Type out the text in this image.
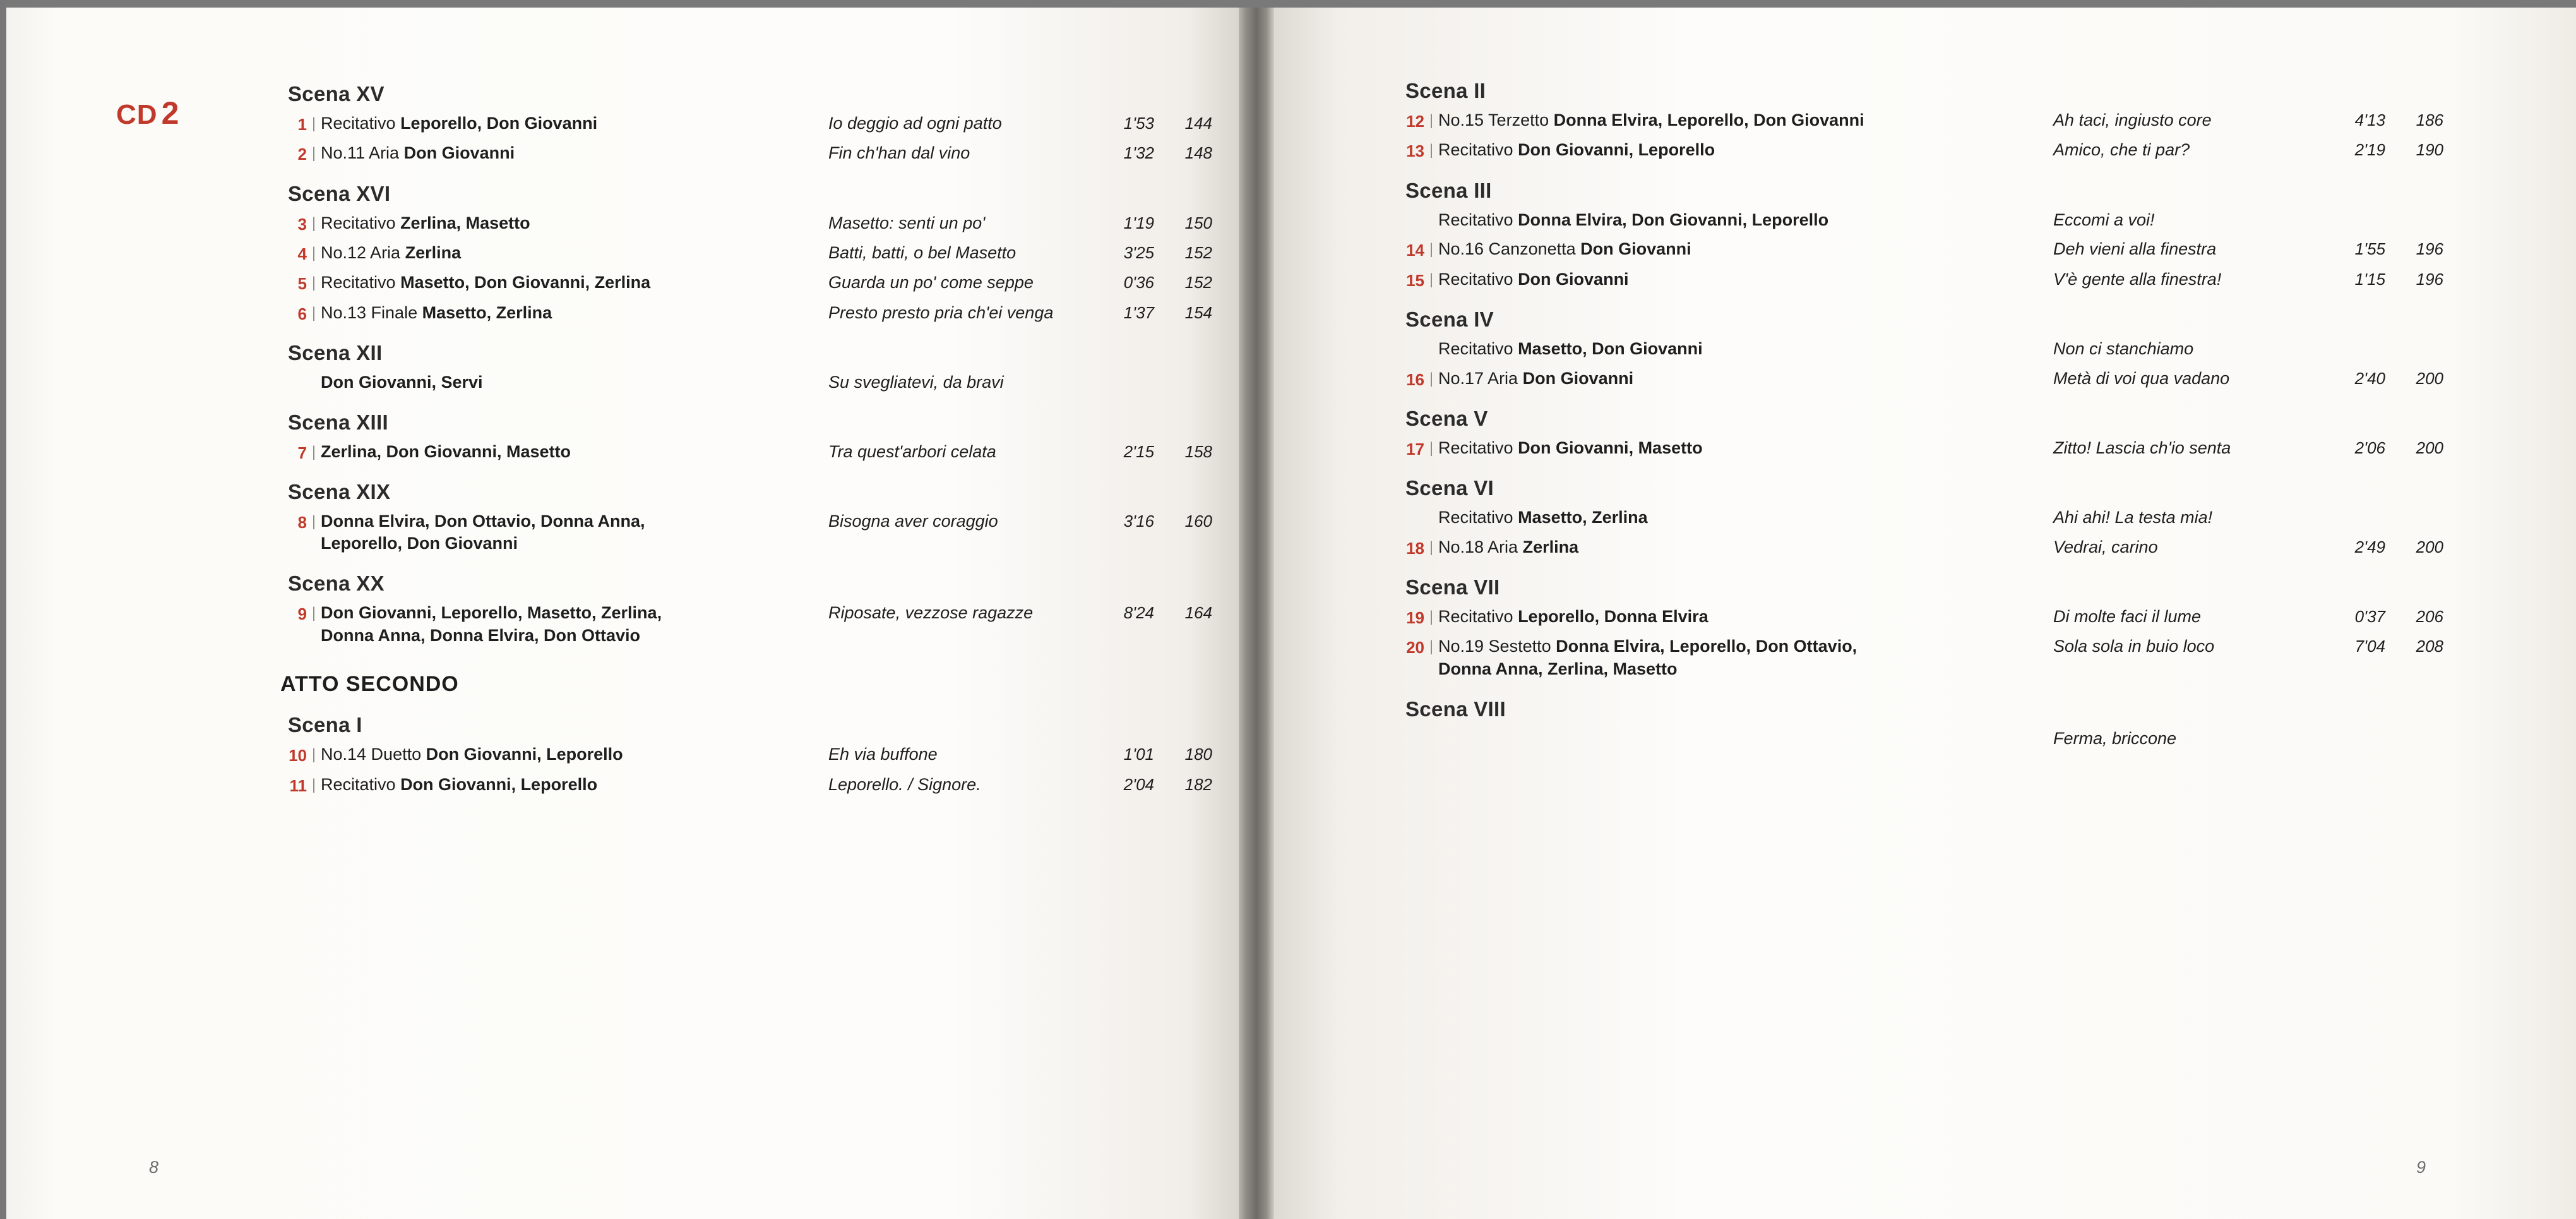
CD 2
Scena XV
1 | Recitativo Leporello, Don Giovanni	Io deggio ad ogni patto	1'53	144
2 | No.11 Aria Don Giovanni	Fin ch'han dal vino	1'32	148
Scena XVI
3 | Recitativo Zerlina, Masetto	Masetto: senti un po'	1'19	150
4 | No.12 Aria Zerlina	Batti, batti, o bel Masetto	3'25	152
5 | Recitativo Masetto, Don Giovanni, Zerlina	Guarda un po' come seppe	0'36	152
6 | No.13 Finale Masetto, Zerlina	Presto presto pria ch'ei venga	1'37	154
Scena XII
Don Giovanni, Servi	Su svegliatevi, da bravi
Scena XIII
7 | Zerlina, Don Giovanni, Masetto	Tra quest'arbori celata	2'15	158
Scena XIX
8 | Donna Elvira, Don Ottavio, Donna Anna,
Leporello, Don Giovanni
Bisogna aver coraggio	3'16	160
Scena XX
9 | Don Giovanni, Leporello, Masetto, Zerlina,
Donna Anna, Donna Elvira, Don Ottavio
Riposate, vezzose ragazze	8'24	164
ATTO SECONDO
Scena I
10 | No.14 Duetto Don Giovanni, Leporello	Eh via buffone	1'01	180
11 | Recitativo Don Giovanni, Leporello	Leporello. / Signore.	2'04	182
Scena II
12 | No.15 Terzetto Donna Elvira, Leporello, Don Giovanni	Ah taci, ingiusto core	4'13	186
13 | Recitativo Don Giovanni, Leporello	Amico, che ti par?	2'19	190
Scena III
Recitativo Donna Elvira, Don Giovanni, Leporello	Eccomi a voi!
14 | No.16 Canzonetta Don Giovanni	Deh vieni alla finestra	1'55	196
15 | Recitativo Don Giovanni	V'è gente alla finestra!	1'15	196
Scena IV
Recitativo Masetto, Don Giovanni	Non ci stanchiamo
16 | No.17 Aria Don Giovanni	Metà di voi qua vadano	2'40	200
Scena V
17 | Recitativo Don Giovanni, Masetto	Zitto! Lascia ch'io senta	2'06	200
Scena VI
Recitativo Masetto, Zerlina	Ahi ahi! La testa mia!
18 | No.18 Aria Zerlina	Vedrai, carino	2'49	200
Scena VII
19 | Recitativo Leporello, Donna Elvira	Di molte faci il lume	0'37	206
20 | No.19 Sestetto Donna Elvira, Leporello, Don Ottavio,
Donna Anna, Zerlina, Masetto
Sola sola in buio loco	7'04	208
Scena VIII
Ferma, briccone
8	9
